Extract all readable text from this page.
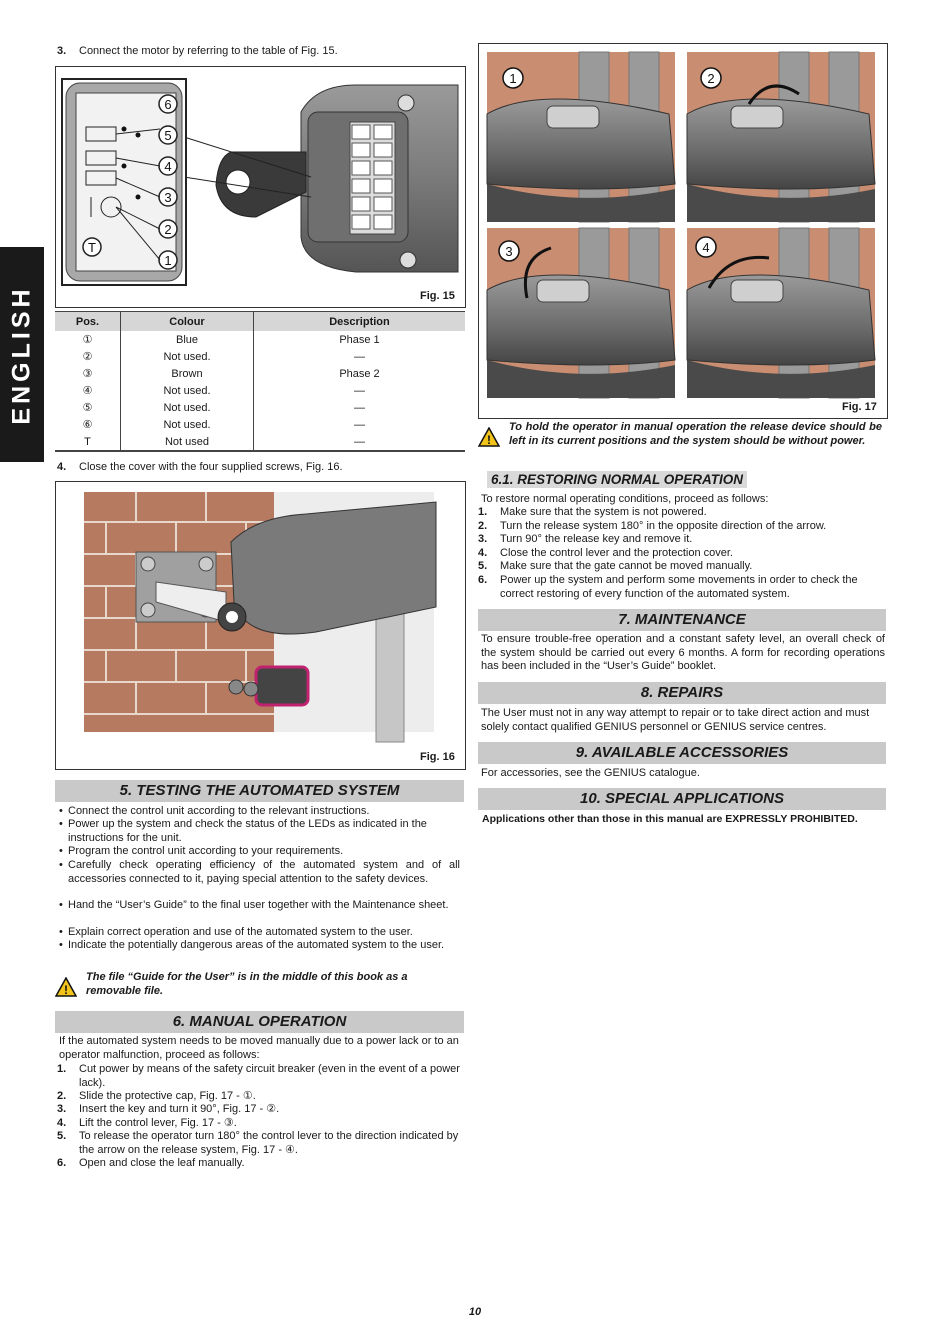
ENGLISH
3. Connect the motor by referring to the table of Fig. 15.
6
5
4
3
2
1
T
Fig. 15
Pos.	Colour	Description
①	Blue	Phase 1
②	Not used.	—
③	Brown	Phase 2
④	Not used.	—
⑤	Not used.	—
⑥	Not used.	—
T	Not used	—
4. Close the cover with the four supplied screws, Fig. 16.
Fig. 16
5. TESTING THE AUTOMATED SYSTEM
• Connect the control unit according to the relevant instructions.
• Power up the system and check the status of the LEDs as indicated in the instructions for the unit.
• Program the control unit according to your requirements.
• Carefully check operating efficiency of the automated system and of all accessories connected to it, paying special attention to the safety devices.
• Hand the “User’s Guide” to the final user together with the Maintenance sheet.
• Explain correct operation and use of the automated system to the user.
• Indicate the potentially dangerous areas of the automated system to the user.
!
The file “Guide for the User” is in the middle of this book as a removable file.
6. MANUAL OPERATION
If the automated system needs to be moved manually due to a power lack or to an operator malfunction, proceed as follows:
1. Cut power by means of the safety circuit breaker (even in the event of a power lack).
2. Slide the protective cap, Fig. 17 - ①.
3. Insert the key and turn it 90°, Fig. 17 - ②.
4. Lift the control lever, Fig. 17 - ③.
5. To release the operator turn 180° the control lever to the direction indicated by the arrow on the release system, Fig. 17 - ④.
6. Open and close the leaf manually.
1	2
3	4
Fig. 17
!
To hold the operator in manual operation the release device should be left in its current positions and the system should be without power.
6.1. RESTORING NORMAL OPERATION
To restore normal operating conditions, proceed as follows:
1. Make sure that the system is not powered.
2. Turn the release system 180° in the opposite direction of the arrow.
3. Turn 90° the release key and remove it.
4. Close the control lever and the protection cover.
5. Make sure that the gate cannot be moved manually.
6. Power up the system and perform some movements in order to check the correct restoring of every function of the automated system.
7. MAINTENANCE
To ensure trouble-free operation and a constant safety level, an overall check of the system should be carried out every 6 months. A form for recording operations has been included in the “User’s Guide” booklet.
8. REPAIRS
The User must not in any way attempt to repair or to take direct action and must solely contact qualified GENIUS personnel or GENIUS service centres.
9. AVAILABLE ACCESSORIES
For accessories, see the GENIUS catalogue.
10. SPECIAL APPLICATIONS
Applications other than those in this manual are EXPRESSLY PROHIBITED.
10
